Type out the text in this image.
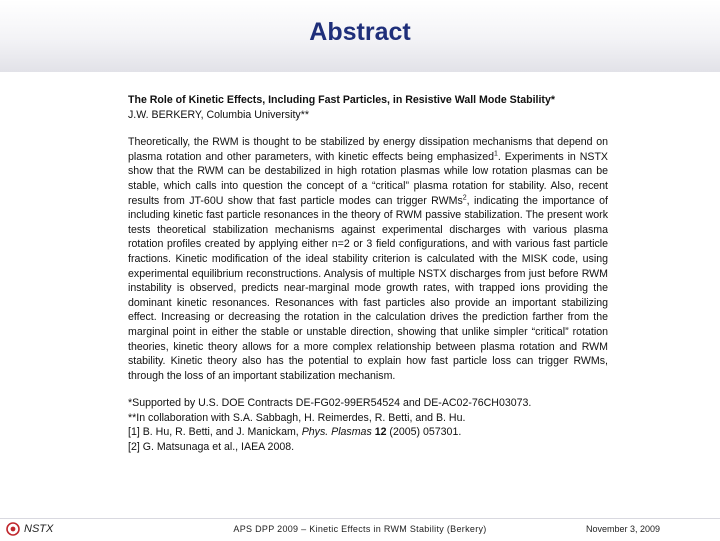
Abstract

The Role of Kinetic Effects, Including Fast Particles, in Resistive Wall Mode Stability*

J.W. BERKERY, Columbia University**

Theoretically, the RWM is thought to be stabilized by energy dissipation mechanisms that depend on plasma rotation and other parameters, with kinetic effects being emphasized$^1$. Experiments in NSTX show that the RWM can be destabilized in high rotation plasmas while low rotation plasmas can be stable, which calls into question the concept of a “critical” plasma rotation for stability. Also, recent results from JT-60U show that fast particle modes can trigger RWMs$^2$, indicating the importance of including kinetic fast particle resonances in the theory of RWM passive stabilization. The present work tests theoretical stabilization mechanisms against experimental discharges with various plasma rotation profiles created by applying either n=2 or 3 field configurations, and with various fast particle fractions. Kinetic modification of the ideal stability criterion is calculated with the MISK code, using experimental equilibrium reconstructions. Analysis of multiple NSTX discharges from just before RWM instability is observed, predicts near-marginal mode growth rates, with trapped ions providing the dominant kinetic resonances. Resonances with fast particles also provide an important stabilizing effect. Increasing or decreasing the rotation in the calculation drives the prediction farther from the marginal point in either the stable or unstable direction, showing that unlike simpler “critical” rotation theories, kinetic theory allows for a more complex relationship between plasma rotation and RWM stability. Kinetic theory also has the potential to explain how fast particle loss can trigger RWMs, through the loss of an important stabilization mechanism.

*Supported by U.S. DOE Contracts DE-FG02-99ER54524 and DE-AC02-76CH03073.

**In collaboration with S.A. Sabbagh, H. Reimerdes, R. Betti, and B. Hu.

[1] B. Hu, R. Betti, and J. Manickam, Phys. Plasmas 12 (2005) 057301.

[2] G. Matsunaga et al., IAEA 2008.

NSTX	APS DPP 2009 – Kinetic Effects in RWM Stability (Berkery)	November 3, 2009
